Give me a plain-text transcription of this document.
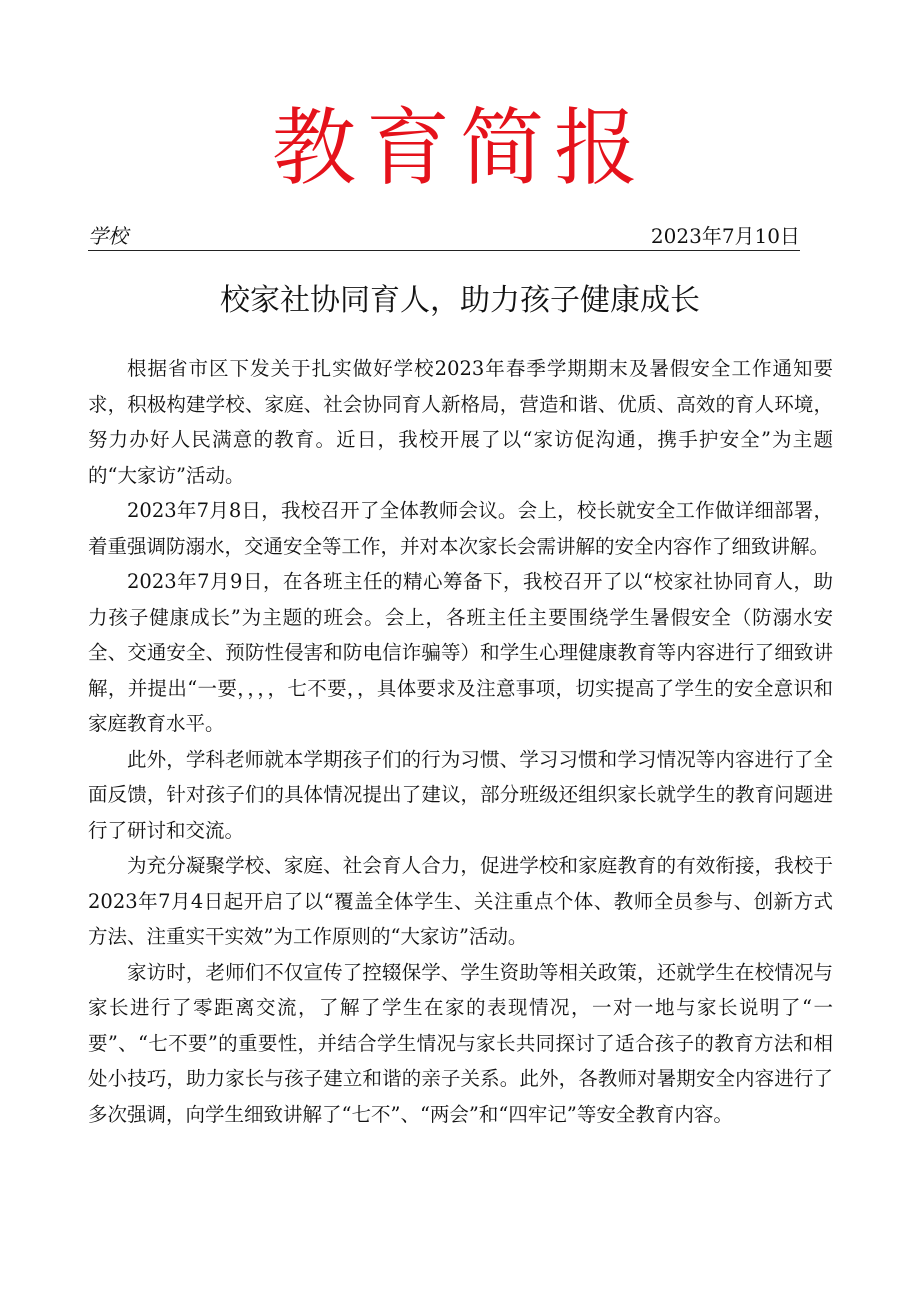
教育简报
学校	2023年7月10日
校家社协同育人，助力孩子健康成长

根据省市区下发关于扎实做好学校2023年春季学期期末及暑假安全工作通知要求，积极构建学校、家庭、社会协同育人新格局，营造和谐、优质、高效的育人环境，努力办好人民满意的教育。近日，我校开展了以“家访促沟通，携手护安全”为主题的“大家访”活动。

2023年7月8日，我校召开了全体教师会议。会上，校长就安全工作做详细部署，着重强调防溺水，交通安全等工作，并对本次家长会需讲解的安全内容作了细致讲解。

2023年7月9日，在各班主任的精心筹备下，我校召开了以“校家社协同育人，助力孩子健康成长”为主题的班会。会上，各班主任主要围绕学生暑假安全（防溺水安全、交通安全、预防性侵害和防电信诈骗等）和学生心理健康教育等内容进行了细致讲解，并提出“一要，，，，七不要，，具体要求及注意事项，切实提高了学生的安全意识和家庭教育水平。

此外，学科老师就本学期孩子们的行为习惯、学习习惯和学习情况等内容进行了全面反馈，针对孩子们的具体情况提出了建议，部分班级还组织家长就学生的教育问题进行了研讨和交流。

为充分凝聚学校、家庭、社会育人合力，促进学校和家庭教育的有效衔接，我校于2023年7月4日起开启了以“覆盖全体学生、关注重点个体、教师全员参与、创新方式方法、注重实干实效”为工作原则的“大家访”活动。

家访时，老师们不仅宣传了控辍保学、学生资助等相关政策，还就学生在校情况与家长进行了零距离交流，了解了学生在家的表现情况，一对一地与家长说明了“一要”、“七不要”的重要性，并结合学生情况与家长共同探讨了适合孩子的教育方法和相处小技巧，助力家长与孩子建立和谐的亲子关系。此外，各教师对暑期安全内容进行了多次强调，向学生细致讲解了“七不”、“两会”和“四牢记”等安全教育内容。
